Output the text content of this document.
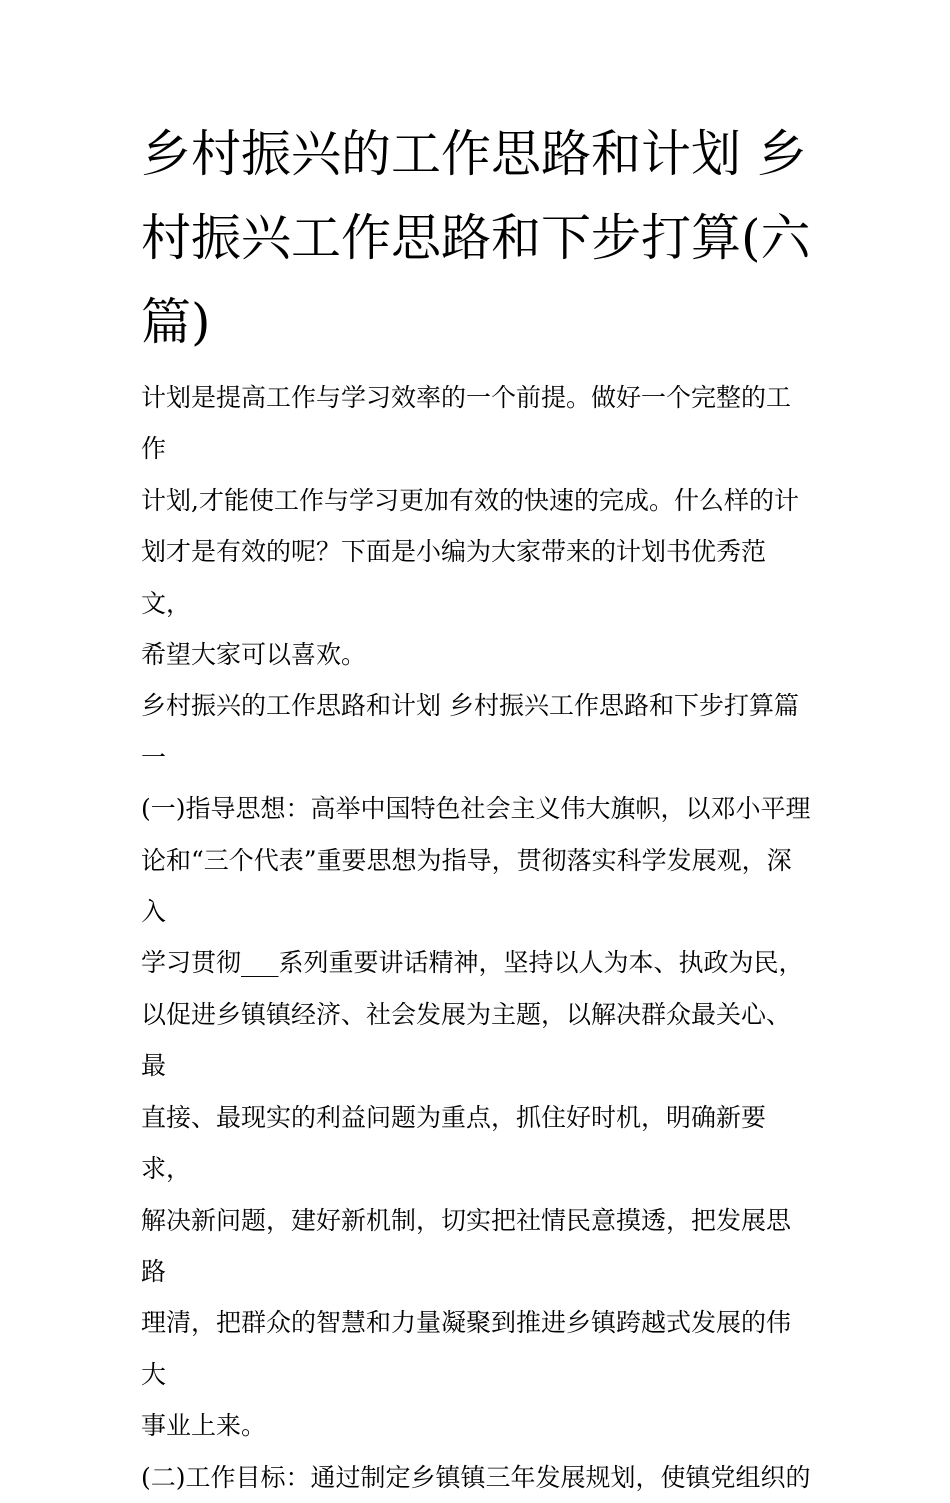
乡村振兴的工作思路和计划 乡
村振兴工作思路和下步打算(六
篇)
计划是提高工作与学习效率的一个前提。做好一个完整的工作
计划,才能使工作与学习更加有效的快速的完成。什么样的计
划才是有效的呢？下面是小编为大家带来的计划书优秀范文，
希望大家可以喜欢。
乡村振兴的工作思路和计划 乡村振兴工作思路和下步打算篇
一
(一)指导思想：高举中国特色社会主义伟大旗帜，以邓小平理
论和“三个代表”重要思想为指导，贯彻落实科学发展观，深入
学习贯彻___系列重要讲话精神，坚持以人为本、执政为民，
以促进乡镇镇经济、社会发展为主题，以解决群众最关心、最
直接、最现实的利益问题为重点，抓住好时机，明确新要求，
解决新问题，建好新机制，切实把社情民意摸透，把发展思路
理清，把群众的智慧和力量凝聚到推进乡镇跨越式发展的伟大
事业上来。
(二)工作目标：通过制定乡镇镇三年发展规划，使镇党组织的
